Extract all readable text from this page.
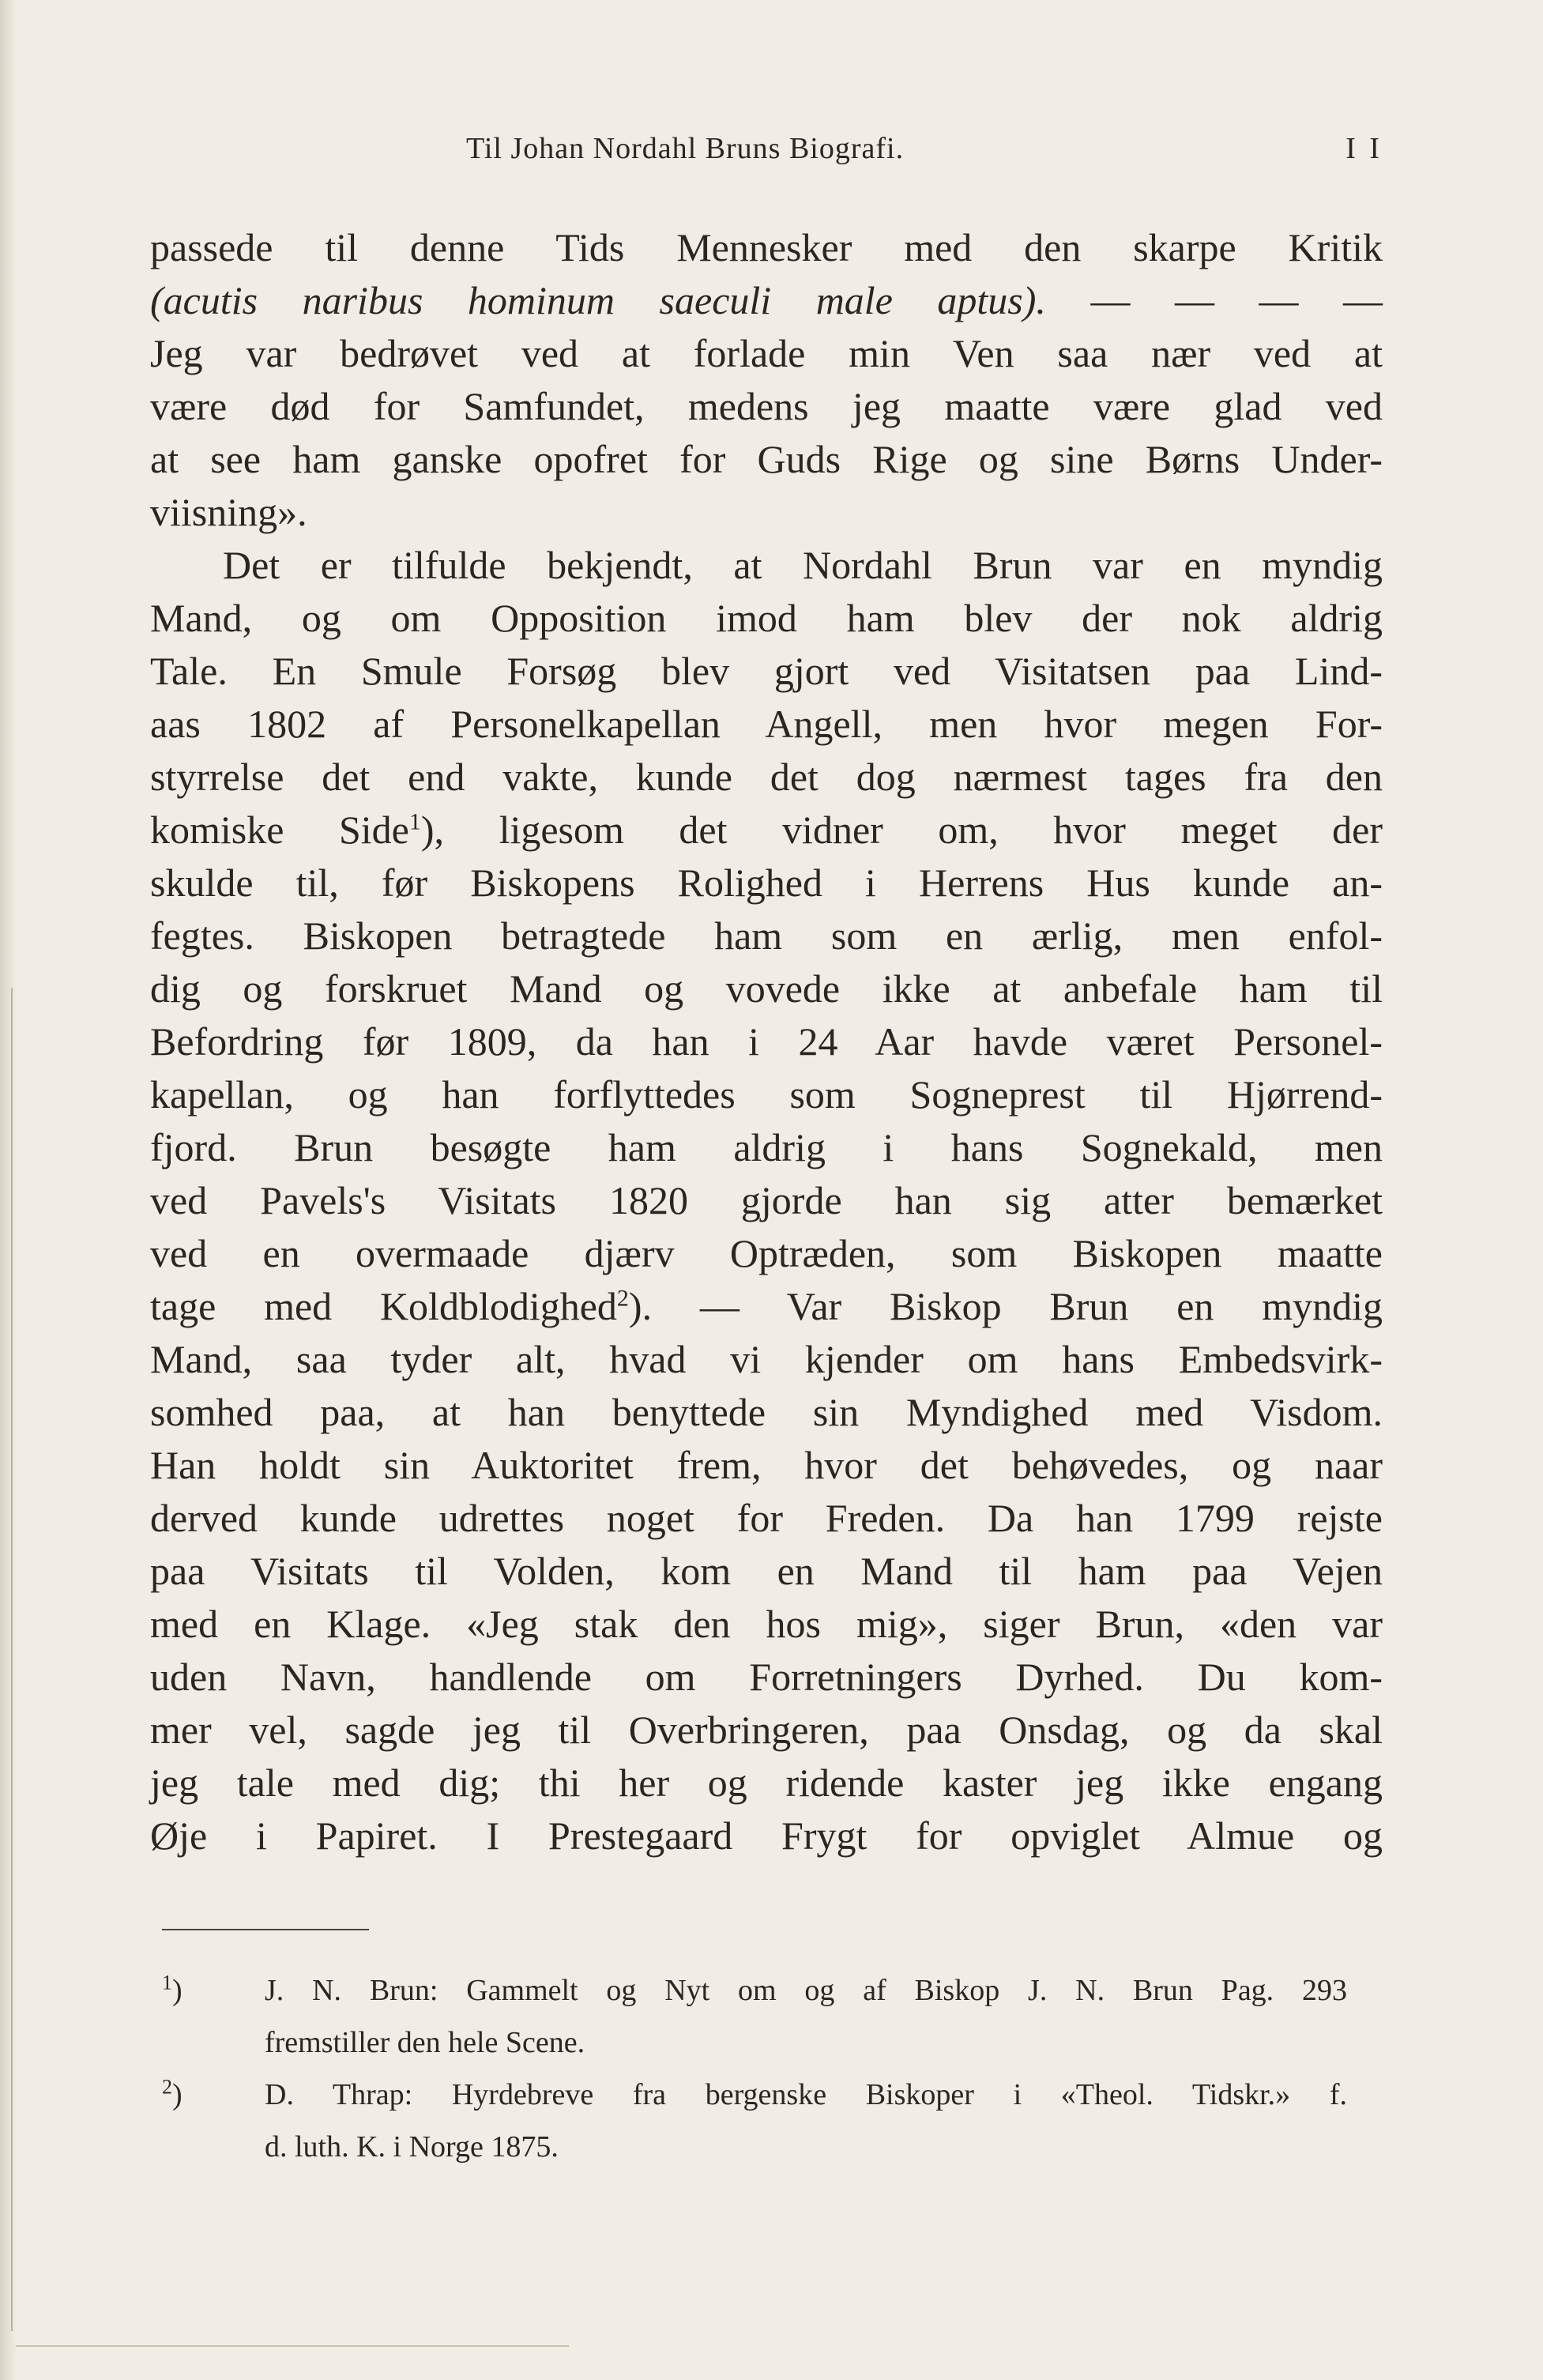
Til Johan Nordahl Bruns Biografi.	I I
passede til denne Tids Mennesker med den skarpe Kritik
(acutis naribus hominum saeculi male aptus). — — — —
Jeg var bedrøvet ved at forlade min Ven saa nær ved at
være død for Samfundet, medens jeg maatte være glad ved
at see ham ganske opofret for Guds Rige og sine Børns Under-
viisning».
Det er tilfulde bekjendt, at Nordahl Brun var en myndig
Mand, og om Opposition imod ham blev der nok aldrig
Tale. En Smule Forsøg blev gjort ved Visitatsen paa Lind-
aas 1802 af Personelkapellan Angell, men hvor megen For-
styrrelse det end vakte, kunde det dog nærmest tages fra den
komiske Side$^1$), ligesom det vidner om, hvor meget der
skulde til, før Biskopens Rolighed i Herrens Hus kunde an-
fegtes. Biskopen betragtede ham som en ærlig, men enfol-
dig og forskruet Mand og vovede ikke at anbefale ham til
Befordring før 1809, da han i 24 Aar havde været Personel-
kapellan, og han forflyttedes som Sogneprest til Hjørrend-
fjord. Brun besøgte ham aldrig i hans Sognekald, men
ved Pavels's Visitats 1820 gjorde han sig atter bemærket
ved en overmaade djærv Optræden, som Biskopen maatte
tage med Koldblodighed$^2$). — Var Biskop Brun en myndig
Mand, saa tyder alt, hvad vi kjender om hans Embedsvirk-
somhed paa, at han benyttede sin Myndighed med Visdom.
Han holdt sin Auktoritet frem, hvor det behøvedes, og naar
derved kunde udrettes noget for Freden. Da han 1799 rejste
paa Visitats til Volden, kom en Mand til ham paa Vejen
med en Klage. «Jeg stak den hos mig», siger Brun, «den var
uden Navn, handlende om Forretningers Dyrhed. Du kom-
mer vel, sagde jeg til Overbringeren, paa Onsdag, og da skal
jeg tale med dig; thi her og ridende kaster jeg ikke engang
Øje i Papiret. I Prestegaard Frygt for opviglet Almue og
$^1$)	J. N. Brun: Gammelt og Nyt om og af Biskop J. N. Brun Pag. 293
fremstiller den hele Scene.
$^2$)	D. Thrap: Hyrdebreve fra bergenske Biskoper i «Theol. Tidskr.» f.
d. luth. K. i Norge 1875.
